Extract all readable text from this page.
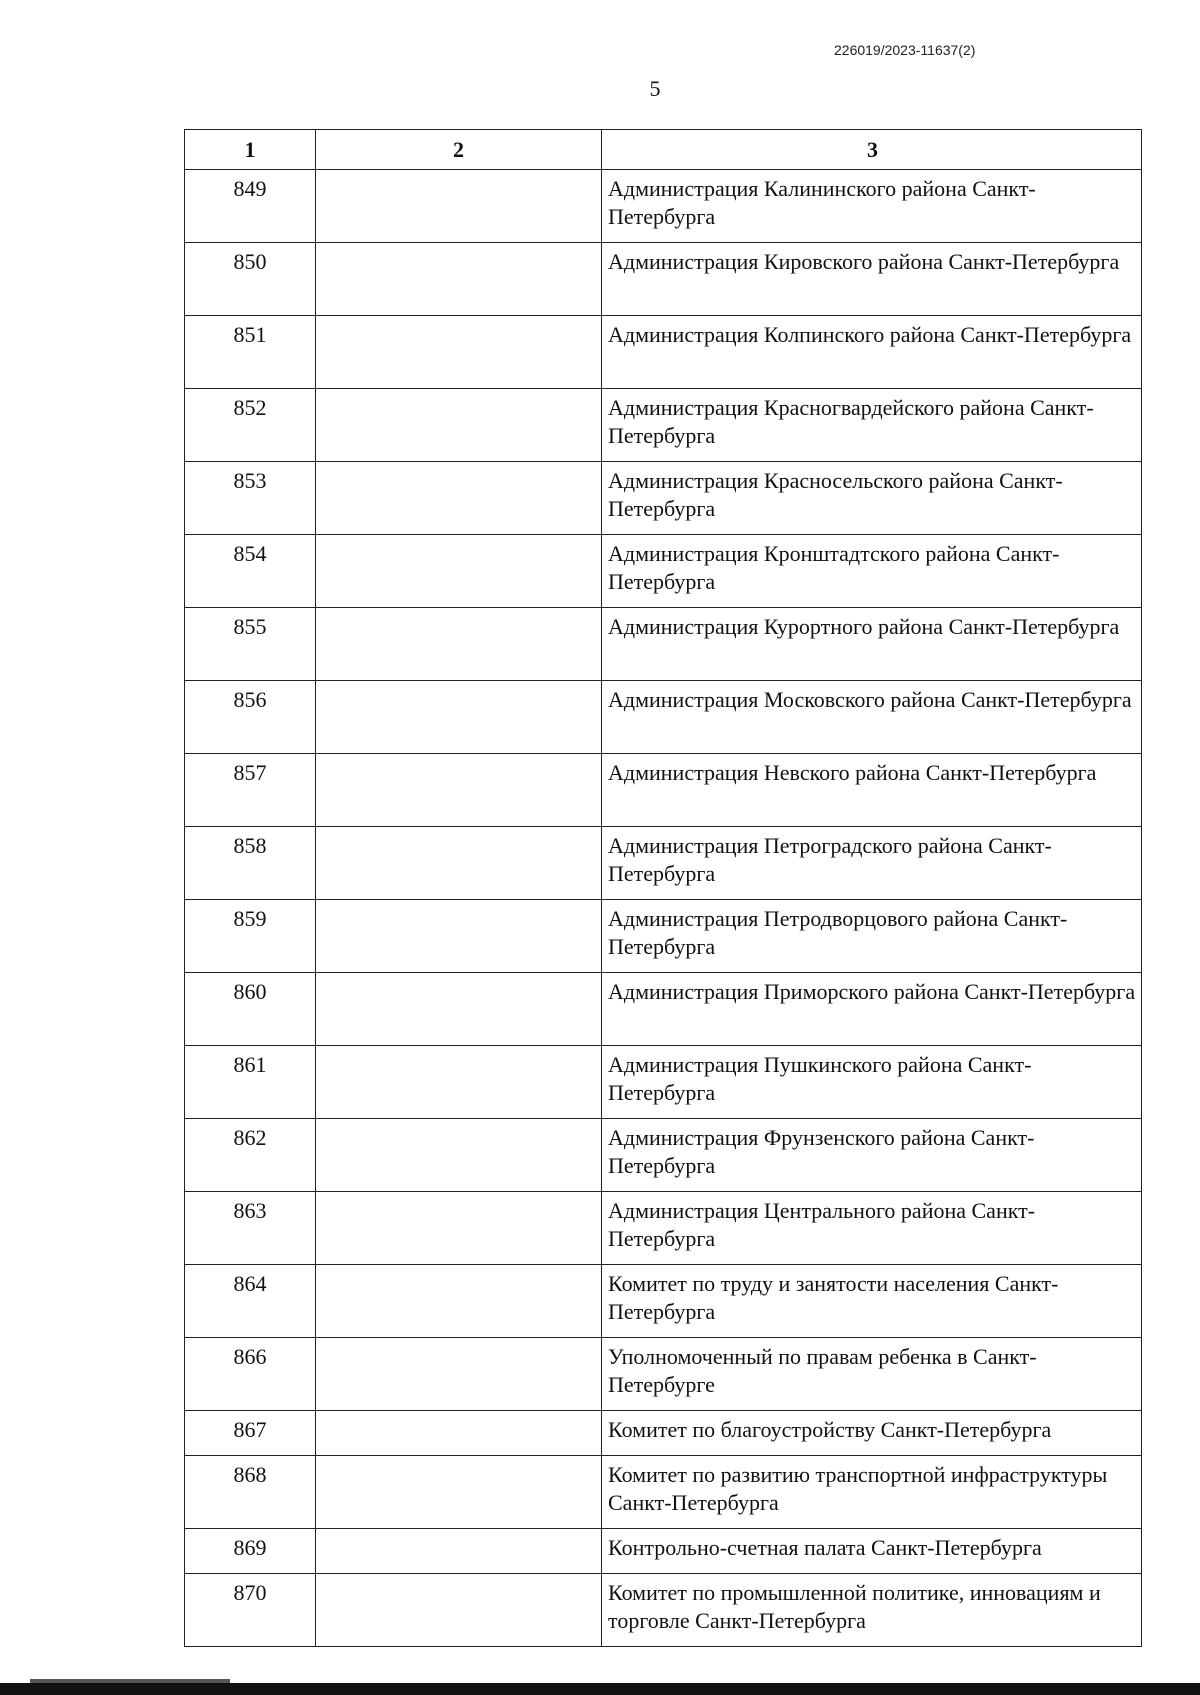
226019/2023-11637(2)
5
1	2	3
849		Администрация Калининского района Санкт-Петербурга
850		Администрация Кировского района Санкт-Петербурга
851		Администрация Колпинского района Санкт-Петербурга
852		Администрация Красногвардейского района Санкт-Петербурга
853		Администрация Красносельского района Санкт-Петербурга
854		Администрация Кронштадтского района Санкт-Петербурга
855		Администрация Курортного района Санкт-Петербурга
856		Администрация Московского района Санкт-Петербурга
857		Администрация Невского района Санкт-Петербурга
858		Администрация Петроградского района Санкт-Петербурга
859		Администрация Петродворцового района Санкт-Петербурга
860		Администрация Приморского района Санкт-Петербурга
861		Администрация Пушкинского района Санкт-Петербурга
862		Администрация Фрунзенского района Санкт-Петербурга
863		Администрация Центрального района Санкт-Петербурга
864		Комитет по труду и занятости населения Санкт-Петербурга
866		Уполномоченный по правам ребенка в Санкт-Петербурге
867		Комитет по благоустройству Санкт-Петербурга
868		Комитет по развитию транспортной инфраструктуры Санкт-Петербурга
869		Контрольно-счетная палата Санкт-Петербурга
870		Комитет по промышленной политике, инновациям и торговле Санкт-Петербурга
